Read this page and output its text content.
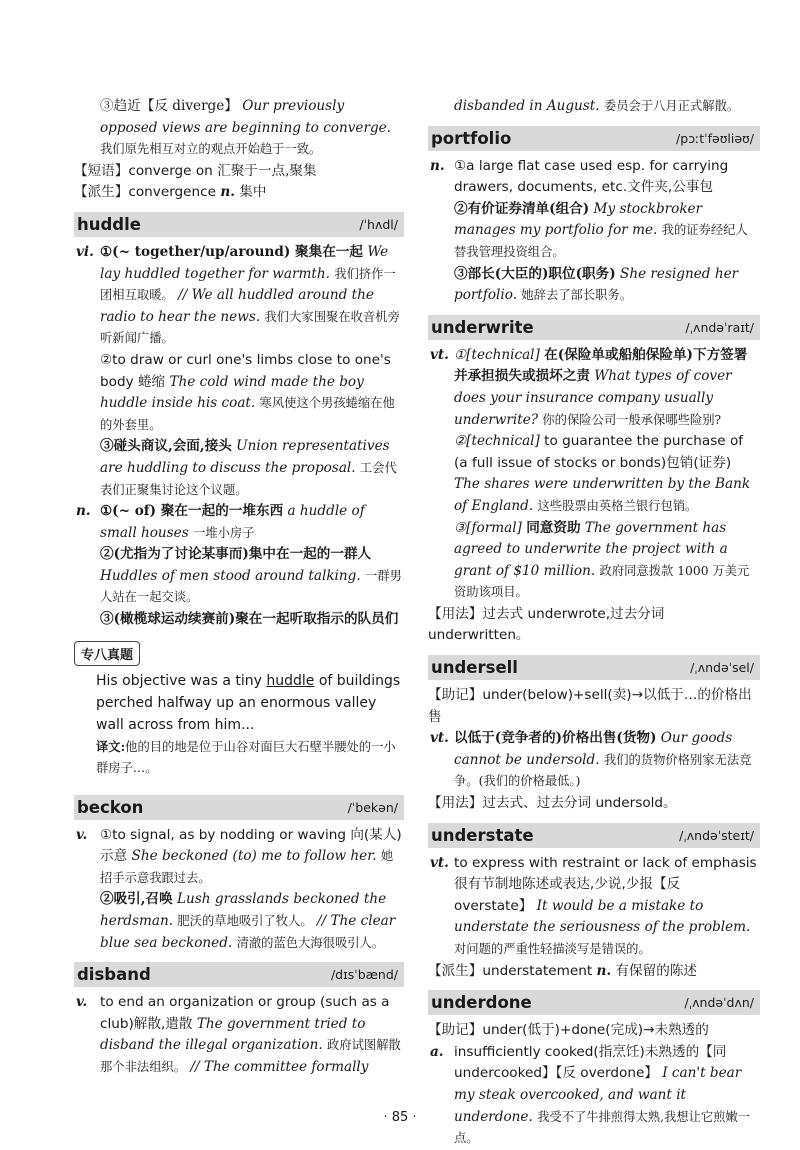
③趋近【反 diverge】 Our previously opposed views are beginning to converge. 我们原先相互对立的观点开始趋于一致。

【短语】converge on 汇聚于一点,聚集

【派生】convergence n. 集中

huddle	/ˈhʌdl/

vi. ①(~ together/up/around) 聚集在一起 We lay huddled together for warmth. 我们挤作一团相互取暖。 // We all huddled around the radio to hear the news. 我们大家围聚在收音机旁听新闻广播。

②to draw or curl one's limbs close to one's body 蜷缩 The cold wind made the boy huddle inside his coat. 寒风使这个男孩蜷缩在他的外套里。

③碰头商议,会面,接头 Union representatives are huddling to discuss the proposal. 工会代表们正聚集讨论这个议题。

n. ①(~ of) 聚在一起的一堆东西 a huddle of small houses 一堆小房子

②(尤指为了讨论某事而)集中在一起的一群人 Huddles of men stood around talking. 一群男人站在一起交谈。

③(橄榄球运动续赛前)聚在一起听取指示的队员们

专八真题

His objective was a tiny huddle of buildings perched halfway up an enormous valley wall across from him...

译文:他的目的地是位于山谷对面巨大石壁半腰处的一小群房子…。

beckon	/ˈbekən/

v. ①to signal, as by nodding or waving 向(某人)示意 She beckoned (to) me to follow her. 她招手示意我跟过去。

②吸引,召唤 Lush grasslands beckoned the herdsman. 肥沃的草地吸引了牧人。 // The clear blue sea beckoned. 清澈的蓝色大海很吸引人。

disband	/dɪsˈbænd/

v. to end an organization or group (such as a club)解散,遣散 The government tried to disband the illegal organization. 政府试图解散那个非法组织。 // The committee formally

disbanded in August. 委员会于八月正式解散。

portfolio	/pɔːtˈfəʊliəʊ/

n. ①a large flat case used esp. for carrying drawers, documents, etc.文件夹,公事包

②有价证券清单(组合) My stockbroker manages my portfolio for me. 我的证券经纪人替我管理投资组合。

③部长(大臣的)职位(职务) She resigned her portfolio. 她辞去了部长职务。

underwrite	/ˌʌndəˈraɪt/

vt. ①[technical] 在(保险单或船舶保险单)下方签署并承担损失或损坏之责 What types of cover does your insurance company usually underwrite? 你的保险公司一般承保哪些险别?

②[technical] to guarantee the purchase of (a full issue of stocks or bonds)包销(证券) The shares were underwritten by the Bank of England. 这些股票由英格兰银行包销。

③[formal] 同意资助 The government has agreed to underwrite the project with a grant of $10 million. 政府同意拨款 1000 万美元资助该项目。

【用法】过去式 underwrote,过去分词 underwritten。

undersell	/ˌʌndəˈsel/

【助记】under(below)+sell(卖)→以低于…的价格出售

vt. 以低于(竞争者的)价格出售(货物) Our goods cannot be undersold. 我们的货物价格别家无法竞争。(我们的价格最低。)

【用法】过去式、过去分词 undersold。

understate	/ˌʌndəˈsteɪt/

vt. to express with restraint or lack of emphasis 很有节制地陈述或表达,少说,少报【反 overstate】 It would be a mistake to understate the seriousness of the problem. 对问题的严重性轻描淡写是错误的。

【派生】understatement n. 有保留的陈述

underdone	/ˌʌndəˈdʌn/

【助记】under(低于)+done(完成)→未熟透的

a. insufficiently cooked(指烹饪)未熟透的【同 undercooked】【反 overdone】 I can't bear my steak overcooked, and want it underdone. 我受不了牛排煎得太熟,我想让它煎嫩一点。

· 85 ·
